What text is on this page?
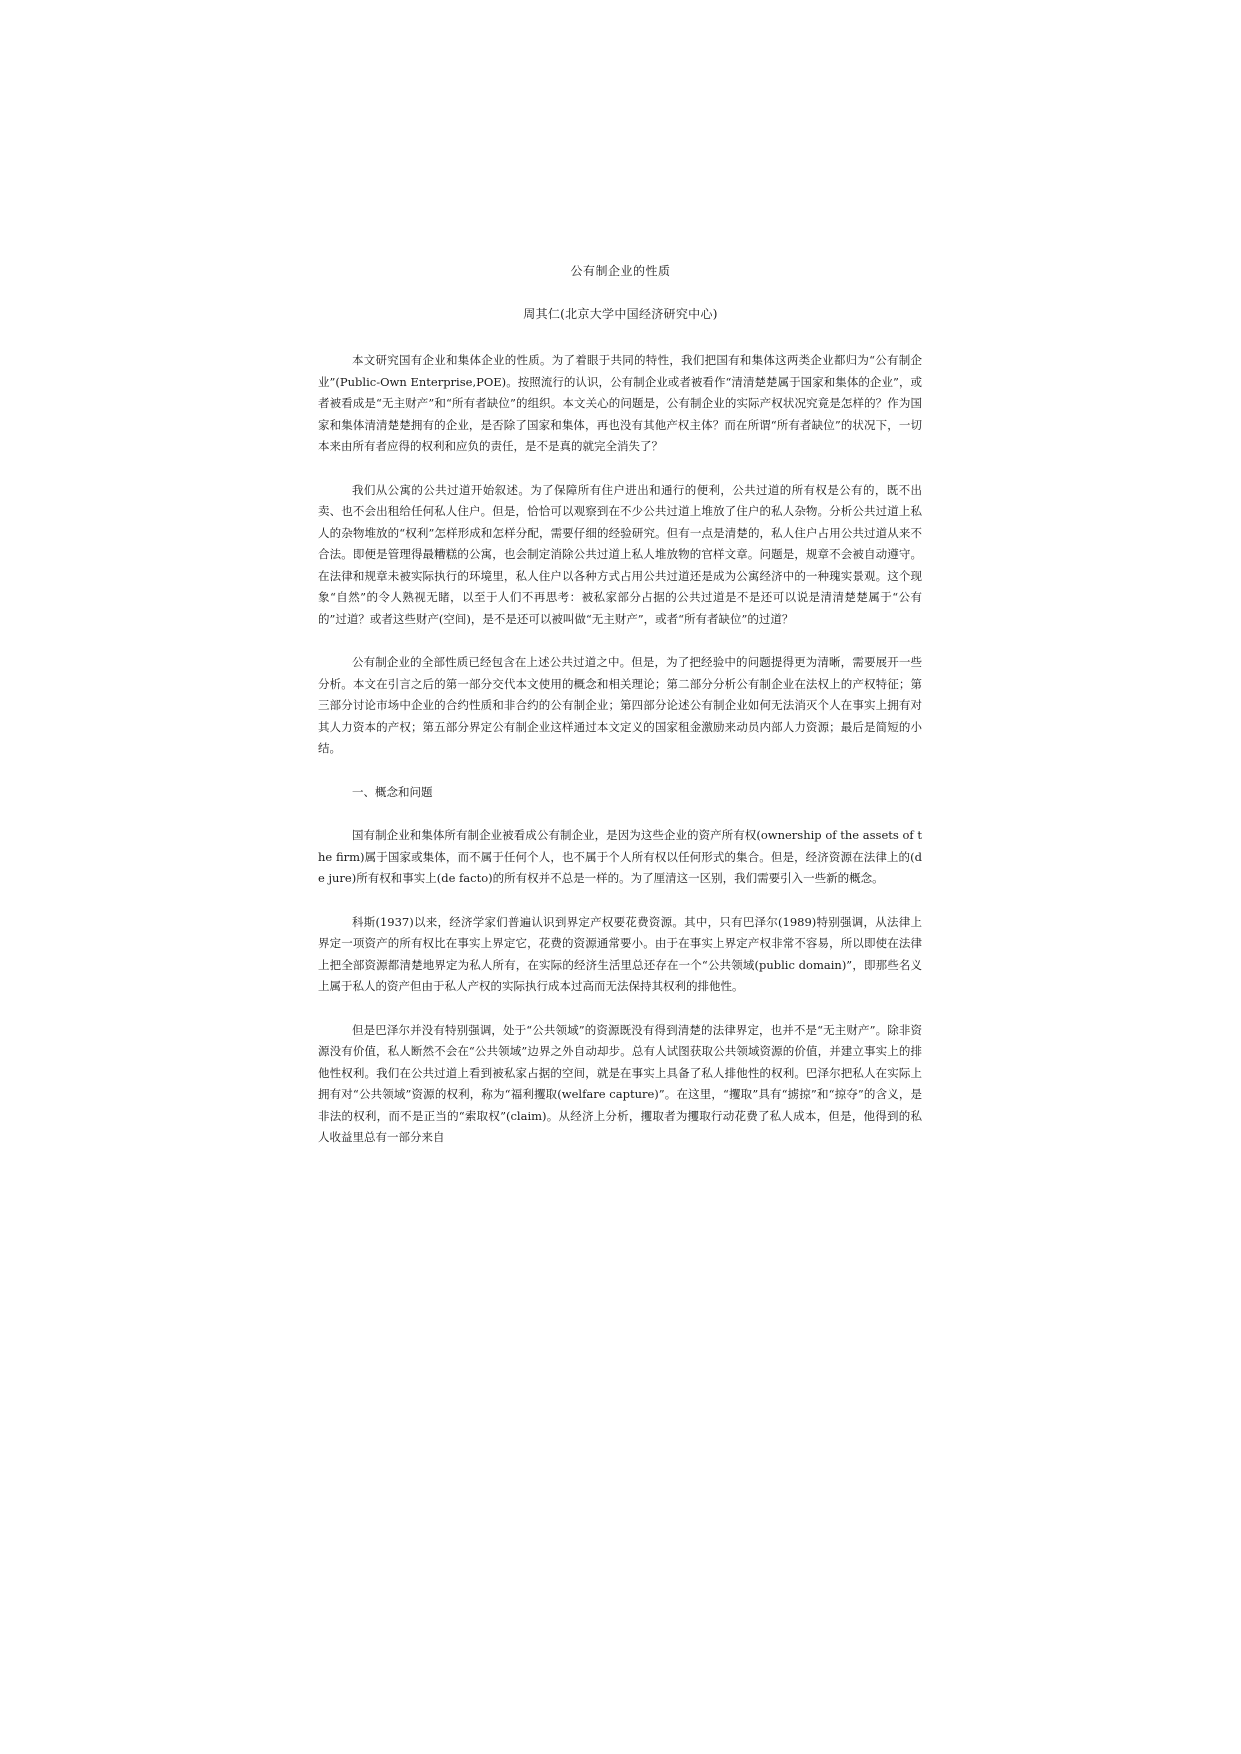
公有制企业的性质
周其仁(北京大学中国经济研究中心)

本文研究国有企业和集体企业的性质。为了着眼于共同的特性，我们把国有和集体这两类企业都归为“公有制企业”(Public-Own Enterprise,POE)。按照流行的认识，公有制企业或者被看作“清清楚楚属于国家和集体的企业”，或者被看成是“无主财产”和“所有者缺位”的组织。本文关心的问题是，公有制企业的实际产权状况究竟是怎样的？作为国家和集体清清楚楚拥有的企业，是否除了国家和集体，再也没有其他产权主体？而在所谓“所有者缺位”的状况下，一切本来由所有者应得的权利和应负的责任，是不是真的就完全消失了？

我们从公寓的公共过道开始叙述。为了保障所有住户进出和通行的便利，公共过道的所有权是公有的，既不出卖、也不会出租给任何私人住户。但是，恰恰可以观察到在不少公共过道上堆放了住户的私人杂物。分析公共过道上私人的杂物堆放的“权利”怎样形成和怎样分配，需要仔细的经验研究。但有一点是清楚的，私人住户占用公共过道从来不合法。即便是管理得最糟糕的公寓，也会制定消除公共过道上私人堆放物的官样文章。问题是，规章不会被自动遵守。在法律和规章未被实际执行的环境里，私人住户以各种方式占用公共过道还是成为公寓经济中的一种瑰实景观。这个现象“自然”的令人熟视无睹，以至于人们不再思考：被私家部分占据的公共过道是不是还可以说是清清楚楚属于“公有的”过道？或者这些财产(空间)，是不是还可以被叫做“无主财产”，或者“所有者缺位”的过道？

公有制企业的全部性质已经包含在上述公共过道之中。但是，为了把经验中的问题提得更为清晰，需要展开一些分析。本文在引言之后的第一部分交代本文使用的概念和相关理论；第二部分分析公有制企业在法权上的产权特征；第三部分讨论市场中企业的合约性质和非合约的公有制企业；第四部分论述公有制企业如何无法消灭个人在事实上拥有对其人力资本的产权；第五部分界定公有制企业这样通过本文定义的国家租金激励来动员内部人力资源；最后是简短的小结。

一、概念和问题

国有制企业和集体所有制企业被看成公有制企业，是因为这些企业的资产所有权(ownership of the assets of the firm)属于国家或集体，而不属于任何个人，也不属于个人所有权以任何形式的集合。但是，经济资源在法律上的(de jure)所有权和事实上(de facto)的所有权并不总是一样的。为了厘清这一区别，我们需要引入一些新的概念。

科斯(1937)以来，经济学家们普遍认识到界定产权要花费资源。其中，只有巴泽尔(1989)特别强调，从法律上界定一项资产的所有权比在事实上界定它，花费的资源通常要小。由于在事实上界定产权非常不容易，所以即使在法律上把全部资源都清楚地界定为私人所有，在实际的经济生活里总还存在一个“公共领域(public domain)”，即那些名义上属于私人的资产但由于私人产权的实际执行成本过高而无法保持其权利的排他性。

但是巴泽尔并没有特别强调，处于“公共领域”的资源既没有得到清楚的法律界定，也并不是“无主财产”。除非资源没有价值，私人断然不会在“公共领域”边界之外自动却步。总有人试图获取公共领域资源的价值，并建立事实上的排他性权利。我们在公共过道上看到被私家占据的空间，就是在事实上具备了私人排他性的权利。巴泽尔把私人在实际上拥有对“公共领域”资源的权利，称为“福利攫取(welfare capture)”。在这里，“攫取”具有“掳掠”和“掠夺”的含义，是非法的权利，而不是正当的“索取权”(claim)。从经济上分析，攫取者为攫取行动花费了私人成本，但是，他得到的私人收益里总有一部分来自
